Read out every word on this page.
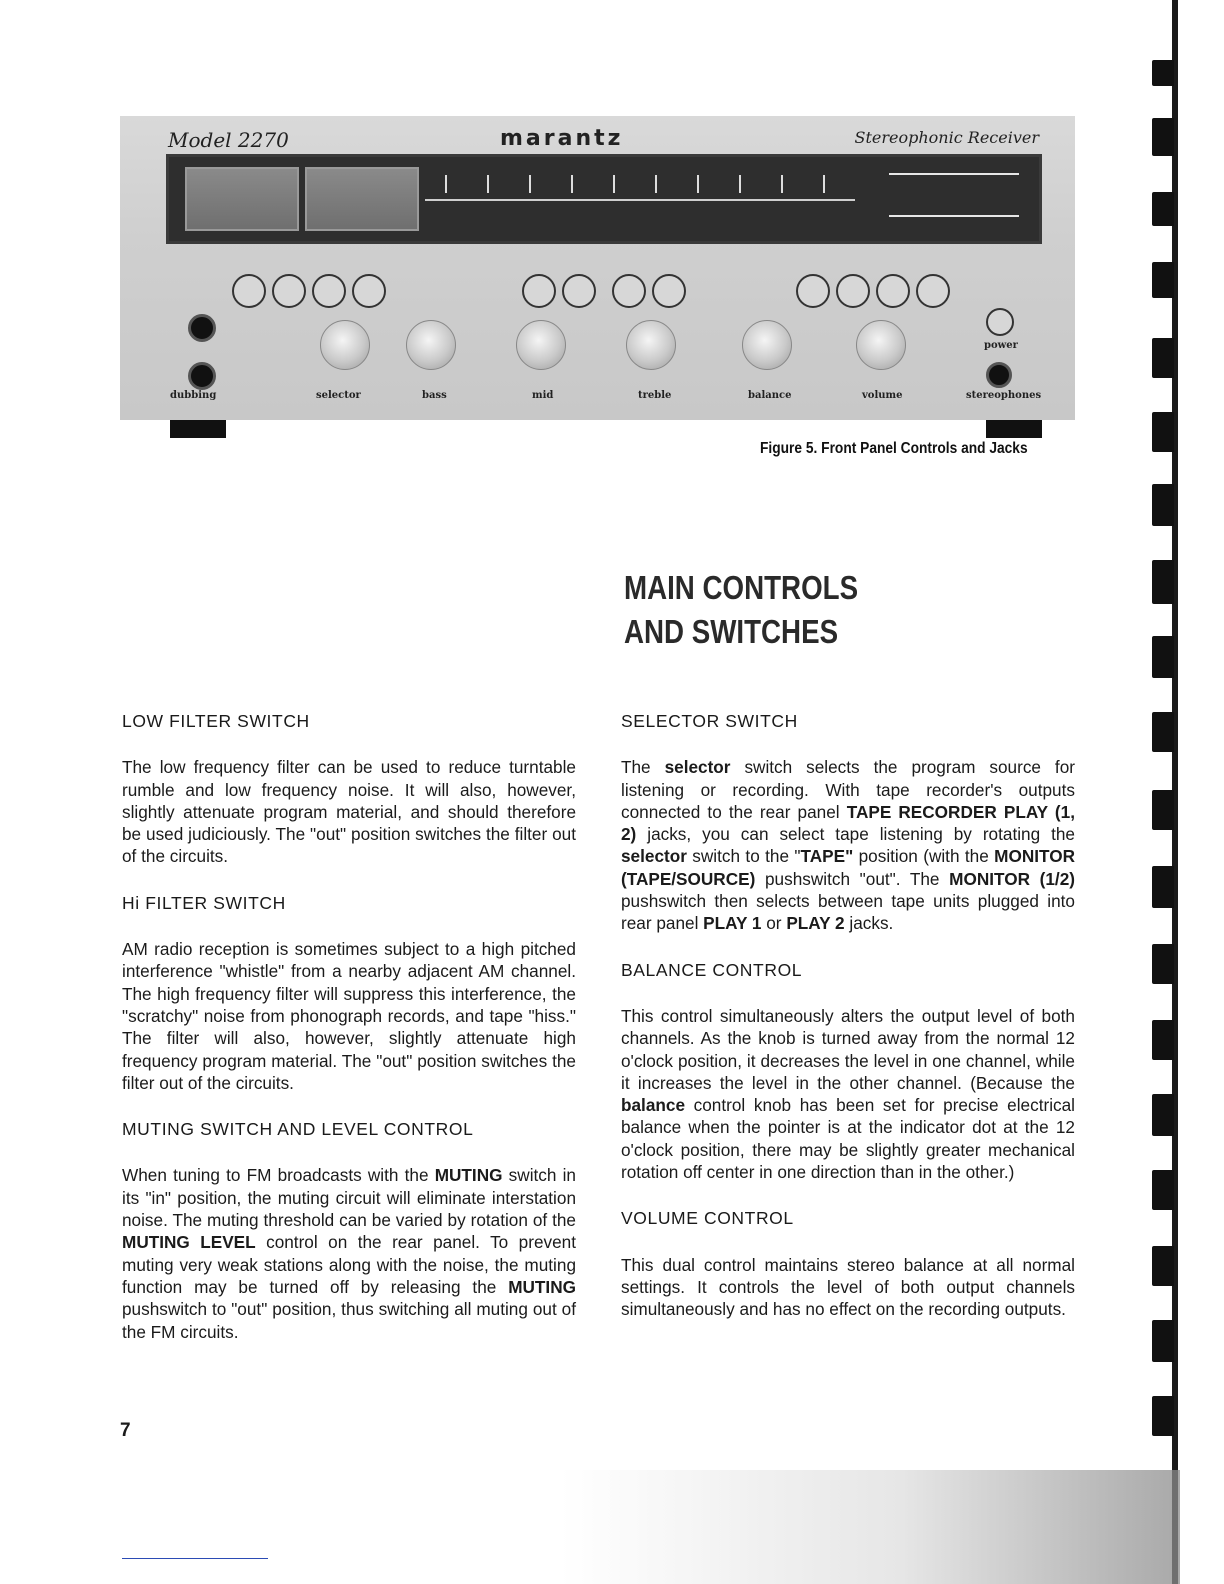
Model 2270	marantz	Stereophonic Receiver
dubbing	selector	bass	mid	treble	balance	volume	stereophones
power
Figure 5. Front Panel Controls and Jacks
MAIN CONTROLS
AND SWITCHES
LOW FILTER SWITCH
The low frequency filter can be used to reduce turntable rumble and low frequency noise. It will also, however, slightly attenuate program material, and should therefore be used judiciously. The "out" position switches the filter out of the circuits.
Hi FILTER SWITCH
AM radio reception is sometimes subject to a high pitched interference "whistle" from a nearby adjacent AM channel. The high frequency filter will suppress this interference, the "scratchy" noise from phonograph records, and tape "hiss." The filter will also, however, slightly attenuate high frequency program material. The "out" position switches the filter out of the circuits.
MUTING SWITCH AND LEVEL CONTROL
When tuning to FM broadcasts with the MUTING switch in its "in" position, the muting circuit will eliminate interstation noise. The muting threshold can be varied by rotation of the MUTING LEVEL control on the rear panel. To prevent muting very weak stations along with the noise, the muting function may be turned off by releasing the MUTING pushswitch to "out" position, thus switching all muting out of the FM circuits.
SELECTOR SWITCH
The selector switch selects the program source for listening or recording. With tape recorder's outputs connected to the rear panel TAPE RECORDER PLAY (1, 2) jacks, you can select tape listening by rotating the selector switch to the "TAPE" position (with the MONITOR (TAPE/SOURCE) pushswitch "out". The MONITOR (1/2) pushswitch then selects between tape units plugged into rear panel PLAY 1 or PLAY 2 jacks.
BALANCE CONTROL
This control simultaneously alters the output level of both channels. As the knob is turned away from the normal 12 o'clock position, it decreases the level in one channel, while it increases the level in the other channel. (Because the balance control knob has been set for precise electrical balance when the pointer is at the indicator dot at the 12 o'clock position, there may be slightly greater mechanical rotation off center in one direction than in the other.)
VOLUME CONTROL
This dual control maintains stereo balance at all normal settings. It controls the level of both output channels simultaneously and has no effect on the recording outputs.
7
